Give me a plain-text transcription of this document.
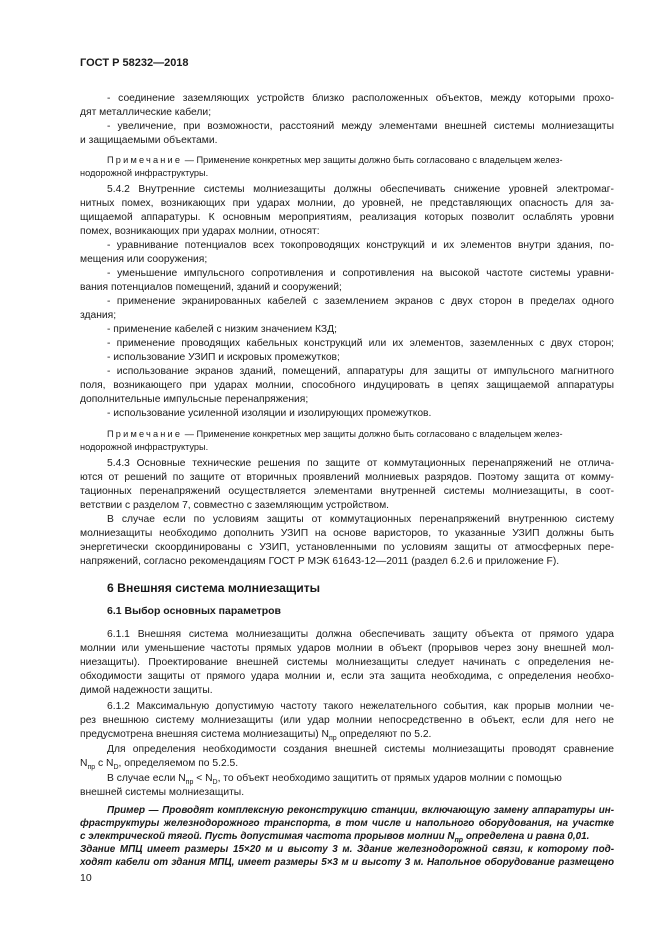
ГОСТ Р 58232—2018
- соединение заземляющих устройств близко расположенных объектов, между которыми прохо-
дят металлические кабели;
- увеличение, при возможности, расстояний между элементами внешней системы молниезащиты
и защищаемыми объектами.
Примечание — Применение конкретных мер защиты должно быть согласовано с владельцем желез-
нодорожной инфраструктуры.
5.4.2 Внутренние системы молниезащиты должны обеспечивать снижение уровней электромаг-
нитных помех, возникающих при ударах молнии, до уровней, не представляющих опасность для за-
щищаемой аппаратуры. К основным мероприятиям, реализация которых позволит ослаблять уровни
помех, возникающих при ударах молнии, относят:
- уравнивание потенциалов всех токопроводящих конструкций и их элементов внутри здания, по-
мещения или сооружения;
- уменьшение импульсного сопротивления и сопротивления на высокой частоте системы уравни-
вания потенциалов помещений, зданий и сооружений;
- применение экранированных кабелей с заземлением экранов с двух сторон в пределах одного
здания;
- применение кабелей с низким значением КЗД;
- применение проводящих кабельных конструкций или их элементов, заземленных с двух сторон;
- использование УЗИП и искровых промежутков;
- использование экранов зданий, помещений, аппаратуры для защиты от импульсного магнитного
поля, возникающего при ударах молнии, способного индуцировать в цепях защищаемой аппаратуры
дополнительные импульсные перенапряжения;
- использование усиленной изоляции и изолирующих промежутков.
Примечание — Применение конкретных мер защиты должно быть согласовано с владельцем желез-
нодорожной инфраструктуры.
5.4.3 Основные технические решения по защите от коммутационных перенапряжений не отлича-
ются от решений по защите от вторичных проявлений молниевых разрядов. Поэтому защита от комму-
тационных перенапряжений осуществляется элементами внутренней системы молниезащиты, в соот-
ветствии с разделом 7, совместно с заземляющим устройством.
В случае если по условиям защиты от коммутационных перенапряжений внутреннюю систему
молниезащиты необходимо дополнить УЗИП на основе варисторов, то указанные УЗИП должны быть
энергетически скоординированы с УЗИП, установленными по условиям защиты от атмосферных пере-
напряжений, согласно рекомендациям ГОСТ Р МЭК 61643-12—2011 (раздел 6.2.6 и приложение F).
6 Внешняя система молниезащиты
6.1 Выбор основных параметров
6.1.1 Внешняя система молниезащиты должна обеспечивать защиту объекта от прямого удара
молнии или уменьшение частоты прямых ударов молнии в объект (прорывов через зону внешней мол-
ниезащиты). Проектирование внешней системы молниезащиты следует начинать с определения не-
обходимости защиты от прямого удара молнии и, если эта защита необходима, с определения необхо-
димой надежности защиты.
6.1.2 Максимальную допустимую частоту такого нежелательного события, как прорыв молнии че-
рез внешнюю систему молниезащиты (или удар молнии непосредственно в объект, если для него не
предусмотрена внешняя система молниезащиты) $N_{пр}$ определяют по 5.2.
Для определения необходимости создания внешней системы молниезащиты проводят сравнение
$N_{пр}$ с $N_D$, определяемом по 5.2.5.
В случае если $N_{пр} < N_D$, то объект необходимо защитить от прямых ударов молнии с помощью
внешней системы молниезащиты.
Пример — Проводят комплексную реконструкцию станции, включающую замену аппаратуры ин-
фраструктуры железнодорожного транспорта, в том числе и напольного оборудования, на участке
с электрической тягой. Пусть допустимая частота прорывов молнии $N_{пр}$ определена и равна 0,01.
Здание МПЦ имеет размеры 15×20 м и высоту 3 м. Здание железнодорожной связи, к которому под-
ходят кабели от здания МПЦ, имеет размеры 5×3 м и высоту 3 м. Напольное оборудование размещено
10
